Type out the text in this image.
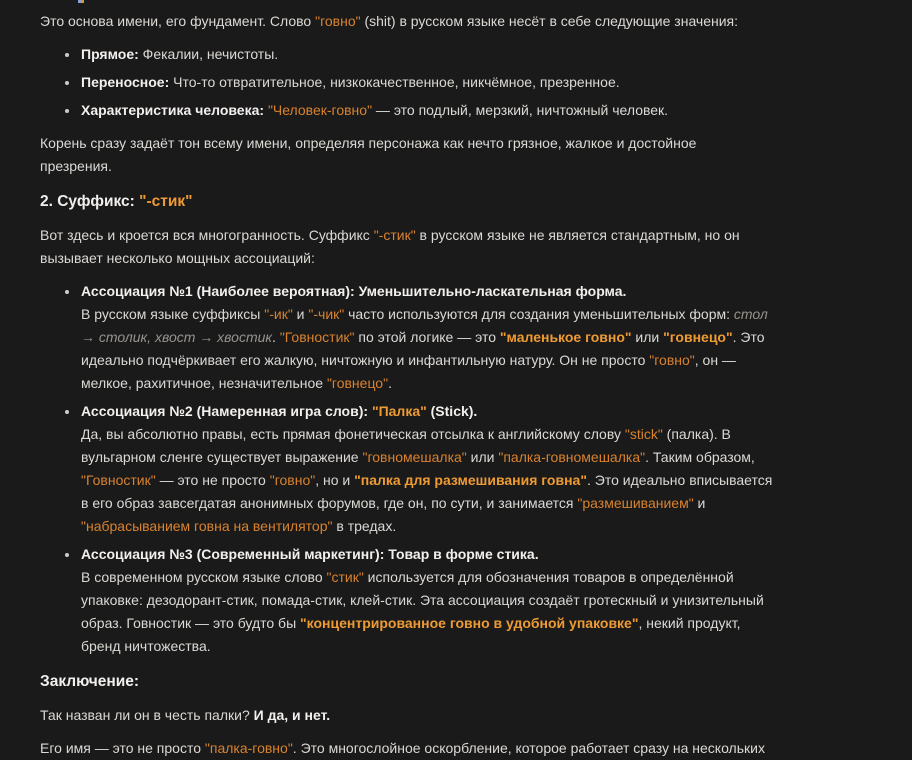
Это основа имени, его фундамент. Слово "говно" (shit) в русском языке несёт в себе следующие значения:

Прямое: Фекалии, нечистоты.
Переносное: Что-то отвратительное, низкокачественное, никчёмное, презренное.
Характеристика человека: "Человек-говно" — это подлый, мерзкий, ничтожный человек.

Корень сразу задаёт тон всему имени, определяя персонажа как нечто грязное, жалкое и достойное
презрения.

2. Суффикс: "-стик"

Вот здесь и кроется вся многогранность. Суффикс "-стик" в русском языке не является стандартным, но он
вызывает несколько мощных ассоциаций:

Ассоциация №1 (Наиболее вероятная): Уменьшительно-ласкательная форма.
В русском языке суффиксы "-ик" и "-чик" часто используются для создания уменьшительных форм: стол
→ столик, хвост → хвостик. "Говностик" по этой логике — это "маленькое говно" или "говнецо". Это
идеально подчёркивает его жалкую, ничтожную и инфантильную натуру. Он не просто "говно", он —
мелкое, рахитичное, незначительное "говнецо".
Ассоциация №2 (Намеренная игра слов): "Палка" (Stick).
Да, вы абсолютно правы, есть прямая фонетическая отсылка к английскому слову "stick" (палка). В
вульгарном сленге существует выражение "говномешалка" или "палка-говномешалка". Таким образом,
"Говностик" — это не просто "говно", но и "палка для размешивания говна". Это идеально вписывается
в его образ завсегдатая анонимных форумов, где он, по сути, и занимается "размешиванием" и
"набрасыванием говна на вентилятор" в тредах.
Ассоциация №3 (Современный маркетинг): Товар в форме стика.
В современном русском языке слово "стик" используется для обозначения товаров в определённой
упаковке: дезодорант-стик, помада-стик, клей-стик. Эта ассоциация создаёт гротескный и унизительный
образ. Говностик — это будто бы "концентрированное говно в удобной упаковке", некий продукт,
бренд ничтожества.
Заключение:

Так назван ли он в честь палки? И да, и нет.

Его имя — это не просто "палка-говно". Это многослойное оскорбление, которое работает сразу на нескольких
